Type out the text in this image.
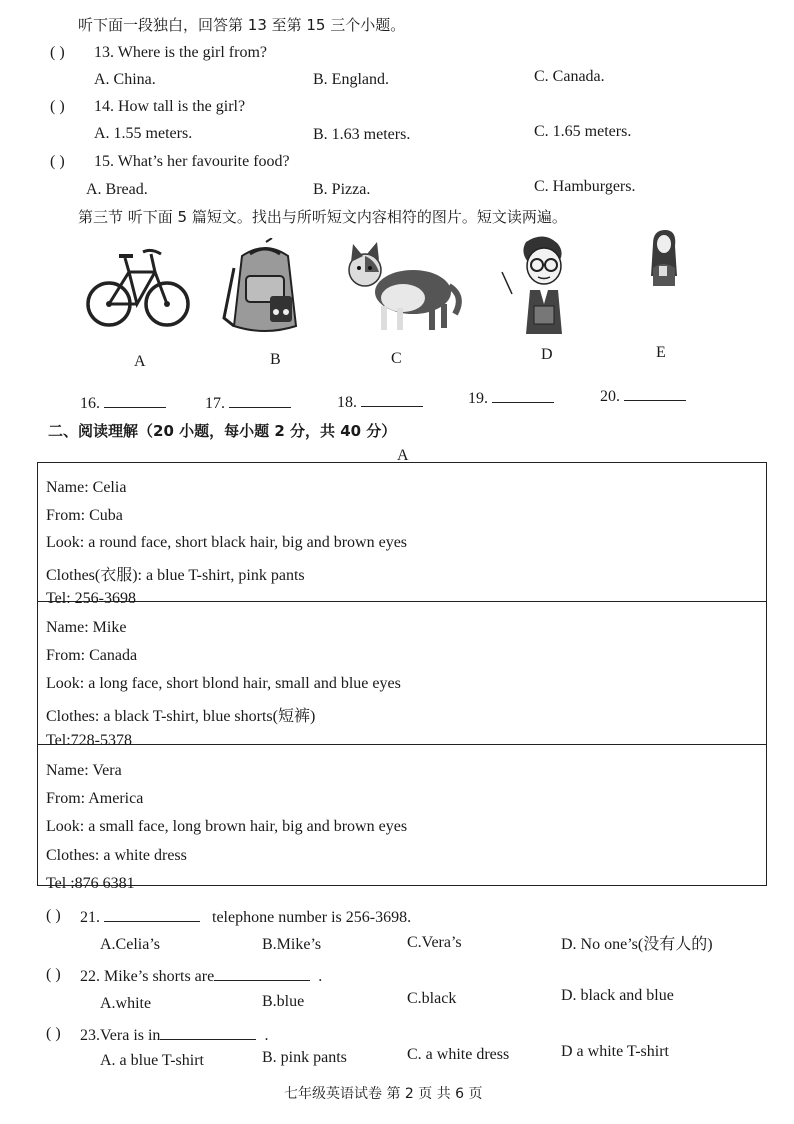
听下面一段独白，回答第 13 至第 15 三个小题。
( ) 13. Where is the girl from?
A. China.	B. England.	C. Canada.
( ) 14. How tall is the girl?
A. 1.55 meters.	B. 1.63 meters.	C. 1.65 meters.
( ) 15. What’s her favourite food?
A. Bread.	B. Pizza.	C. Hamburgers.
第三节 听下面 5 篇短文。找出与所听短文内容相符的图片。短文读两遍。
A	B	C	D	E
16.	17.	18.	19.	20.
二、阅读理解（20 小题，每小题 2 分，共 40 分）
A
Name: Celia
From: Cuba
Look: a round face, short black hair, big and brown eyes
Clothes(衣服): a blue T-shirt, pink pants
Tel: 256-3698
Name: Mike
From: Canada
Look: a long face, short blond hair, small and blue eyes
Clothes: a black T-shirt, blue shorts(短裤)
Tel:728-5378
Name: Vera
From: America
Look: a small face, long brown hair, big and brown eyes
Clothes: a white dress
Tel :876 6381
( ) 21.	telephone number is 256-3698.
A.Celia’s	B.Mike’s	C.Vera’s	D. No one’s(没有人的)
( ) 22. Mike’s shorts are	.
A.white	B.blue	C.black	D. black and blue
( ) 23.Vera is in	.
A. a blue T-shirt	B. pink pants	C. a white dress	D a white T-shirt
七年级英语试卷 第 2 页 共 6 页
